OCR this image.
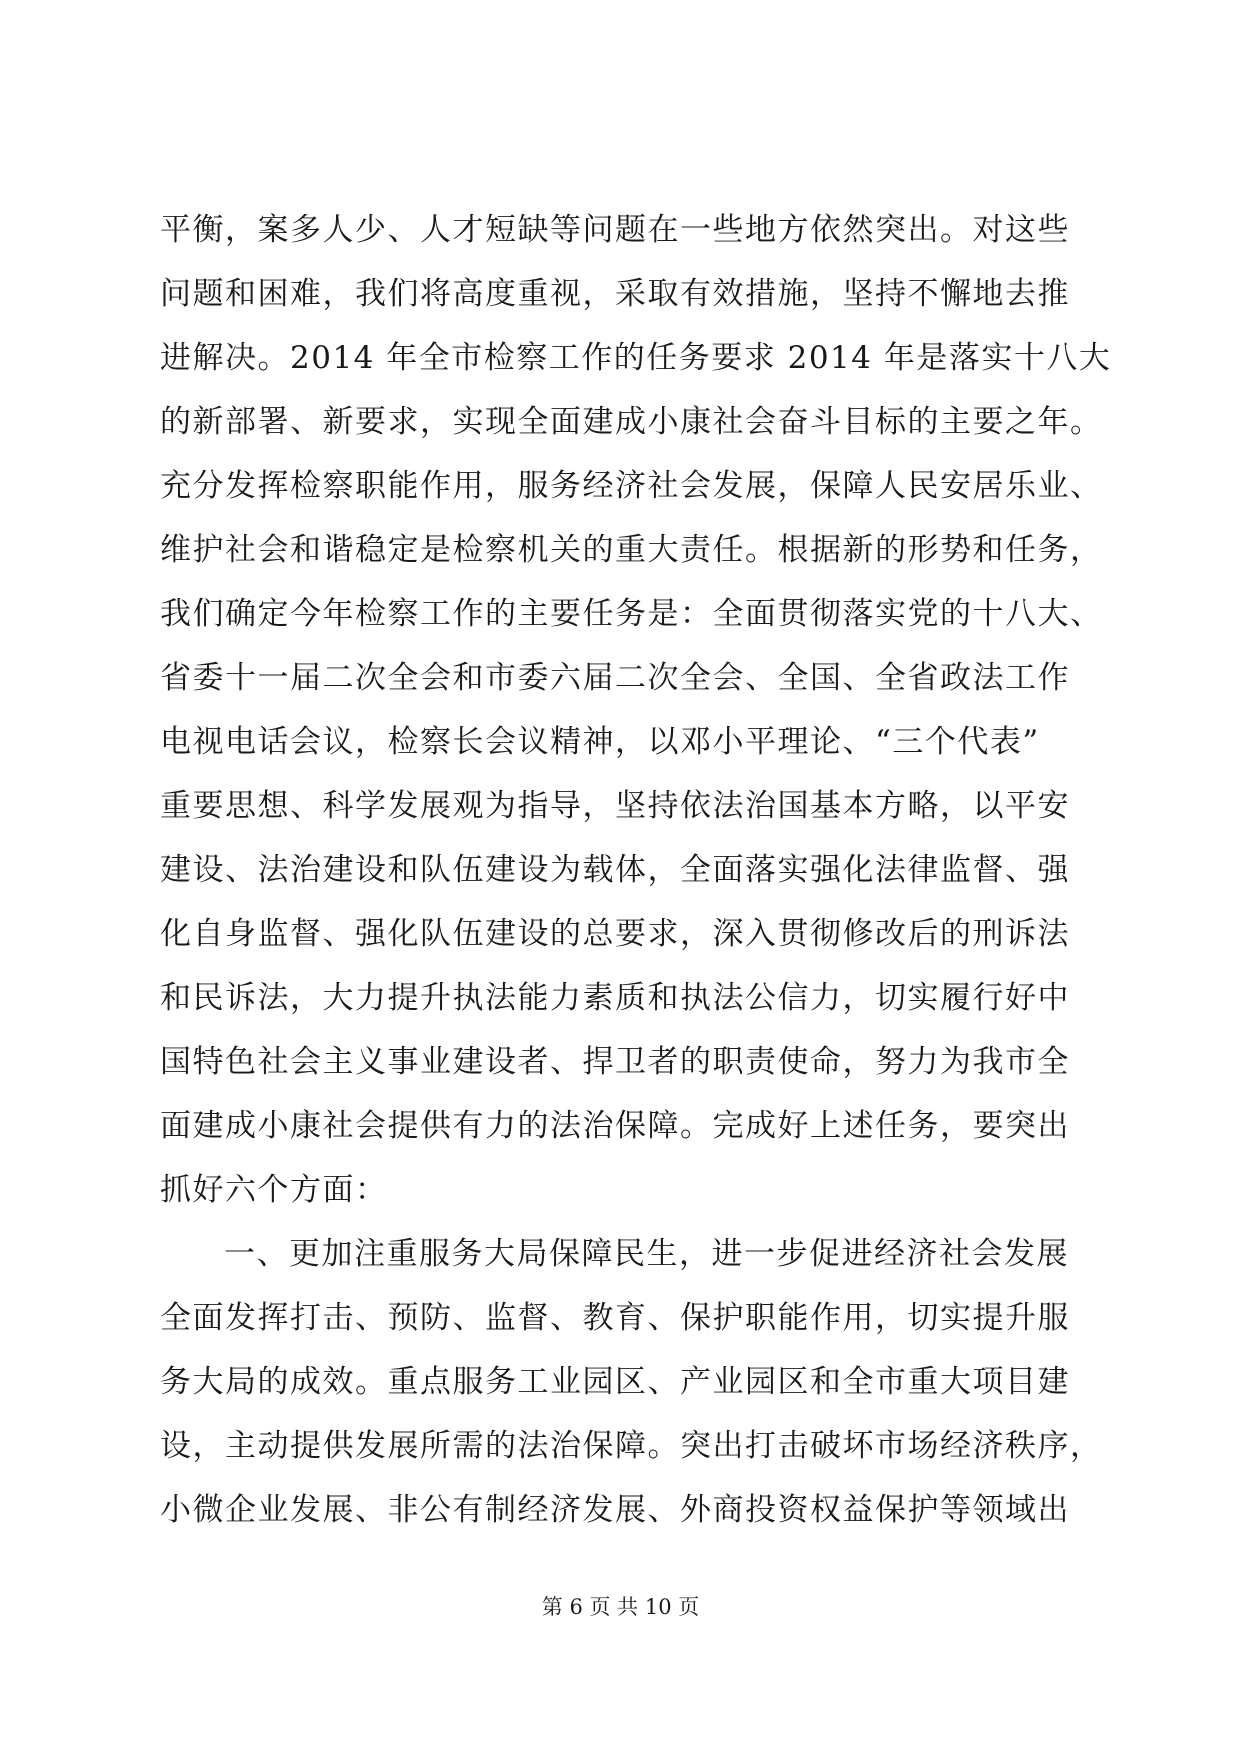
平衡，案多人少、人才短缺等问题在一些地方依然突出。对这些
问题和困难，我们将高度重视，采取有效措施，坚持不懈地去推
进解决。2014 年全市检察工作的任务要求 2014 年是落实十八大
的新部署、新要求，实现全面建成小康社会奋斗目标的主要之年。
充分发挥检察职能作用，服务经济社会发展，保障人民安居乐业、
维护社会和谐稳定是检察机关的重大责任。根据新的形势和任务，
我们确定今年检察工作的主要任务是：全面贯彻落实党的十八大、
省委十一届二次全会和市委六届二次全会、全国、全省政法工作
电视电话会议，检察长会议精神，以邓小平理论、“三个代表”
重要思想、科学发展观为指导，坚持依法治国基本方略，以平安
建设、法治建设和队伍建设为载体，全面落实强化法律监督、强
化自身监督、强化队伍建设的总要求，深入贯彻修改后的刑诉法
和民诉法，大力提升执法能力素质和执法公信力，切实履行好中
国特色社会主义事业建设者、捍卫者的职责使命，努力为我市全
面建成小康社会提供有力的法治保障。完成好上述任务，要突出
抓好六个方面：
一、更加注重服务大局保障民生，进一步促进经济社会发展
全面发挥打击、预防、监督、教育、保护职能作用，切实提升服
务大局的成效。重点服务工业园区、产业园区和全市重大项目建
设，主动提供发展所需的法治保障。突出打击破坏市场经济秩序，
小微企业发展、非公有制经济发展、外商投资权益保护等领域出
第 6 页 共 10 页
